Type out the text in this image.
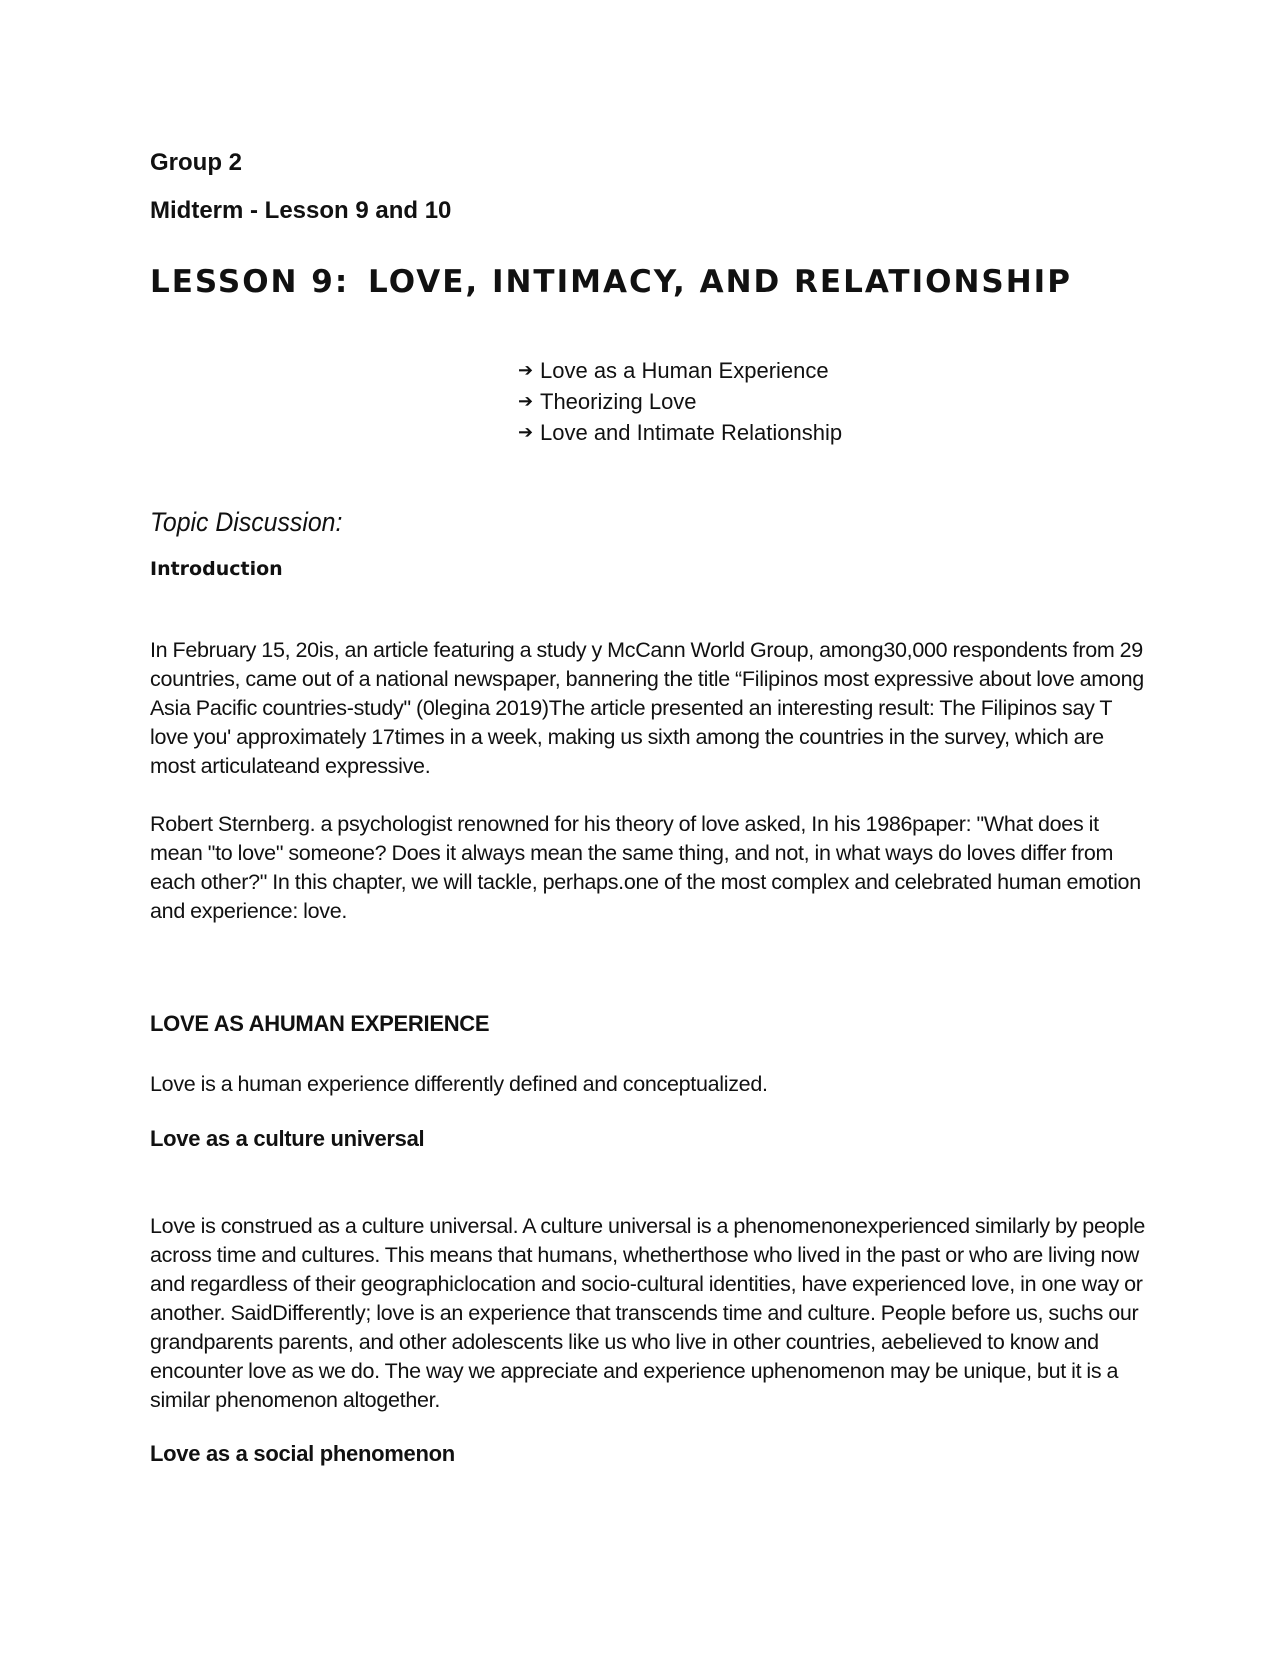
Group 2
Midterm - Lesson 9 and 10
LESSON 9: LOVE, INTIMACY, AND RELATIONSHIP
➔ Love as a Human Experience
➔ Theorizing Love
➔ Love and Intimate Relationship
Topic Discussion:
Introduction

In February 15, 20is, an article featuring a study y McCann World Group, among30,000 respondents from 29 countries, came out of a national newspaper, bannering the title “Filipinos most expressive about love among Asia Pacific countries-study" (0legina 2019)The article presented an interesting result: The Filipinos say T love you' approximately 17times in a week, making us sixth among the countries in the survey, which are most articulateand expressive.

Robert Sternberg. a psychologist renowned for his theory of love asked, In his 1986paper: "What does it mean "to love" someone? Does it always mean the same thing, and not, in what ways do loves differ from each other?" In this chapter, we will tackle, perhaps.one of the most complex and celebrated human emotion and experience: love.

LOVE AS AHUMAN EXPERIENCE

Love is a human experience differently defined and conceptualized.

Love as a culture universal

Love is construed as a culture universal. A culture universal is a phenomenonexperienced similarly by people across time and cultures. This means that humans, whetherthose who lived in the past or who are living now and regardless of their geographiclocation and socio-cultural identities, have experienced love, in one way or another. SaidDifferently; love is an experience that transcends time and culture. People before us, suchs our grandparents parents, and other adolescents like us who live in other countries, aebelieved to know and encounter love as we do. The way we appreciate and experience uphenomenon may be unique, but it is a similar phenomenon altogether.

Love as a social phenomenon
